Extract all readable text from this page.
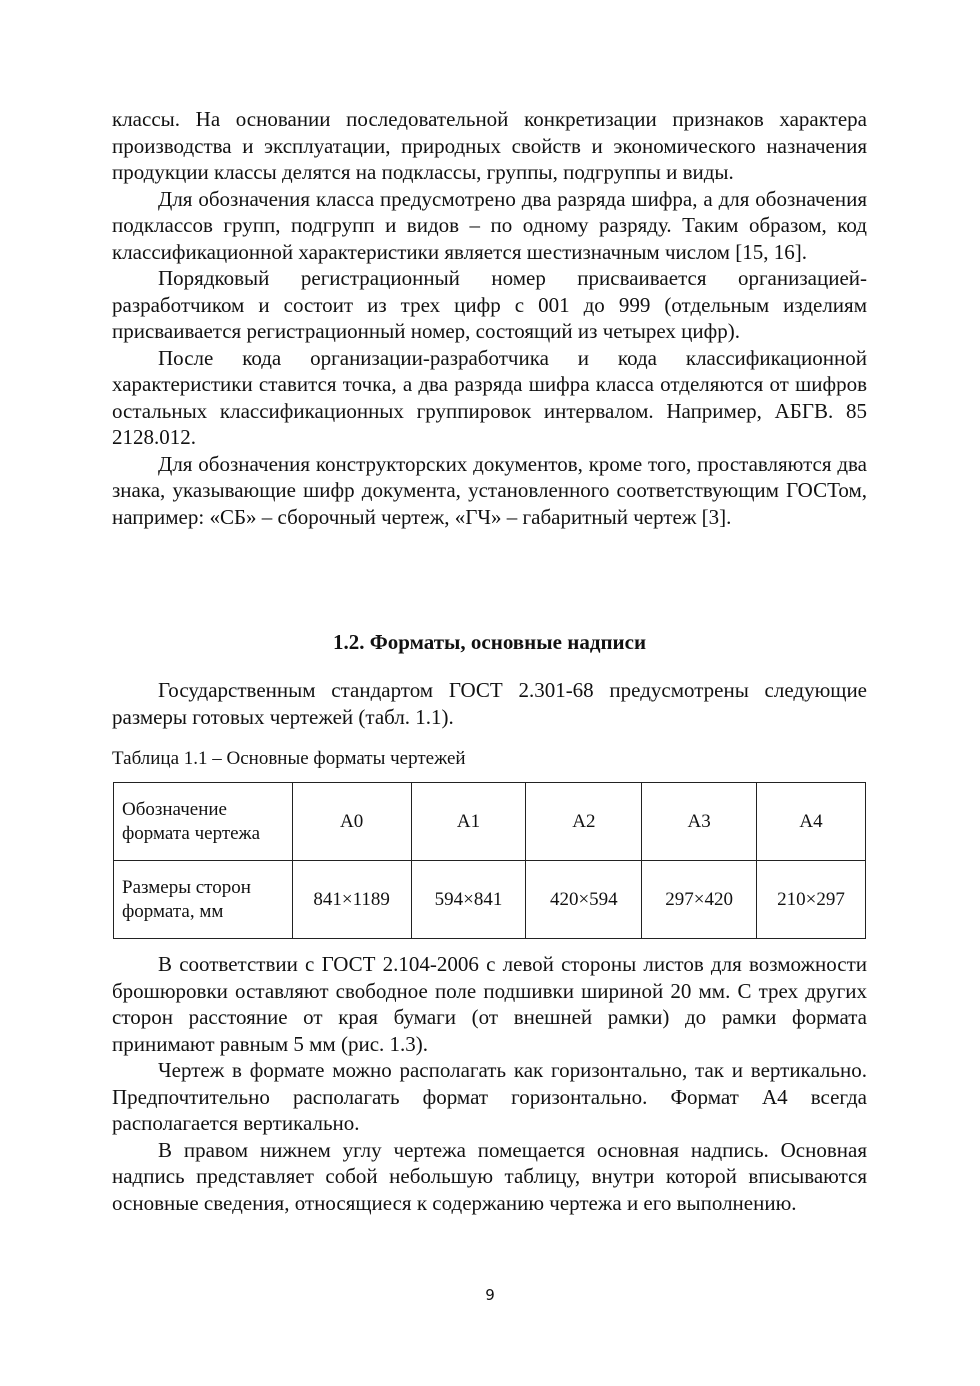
классы. На основании последовательной конкретизации признаков характера производства и эксплуатации, природных свойств и экономического назначения продукции классы делятся на подклассы, группы, подгруппы и виды.

Для обозначения класса предусмотрено два разряда шифра, а для обозначения подклассов групп, подгрупп и видов – по одному разряду. Таким образом, код классификационной характеристики является шестизначным числом [15, 16].

Порядковый регистрационный номер присваивается организацией-разработчиком и состоит из трех цифр с 001 до 999 (отдельным изделиям присваивается регистрационный номер, состоящий из четырех цифр).

После кода организации-разработчика и кода классификационной характеристики ставится точка, а два разряда шифра класса отделяются от шифров остальных классификационных группировок интервалом. Например, АБГВ. 85 2128.012.

Для обозначения конструкторских документов, кроме того, проставляются два знака, указывающие шифр документа, установленного соответствующим ГОСТом, например: «СБ» – сборочный чертеж, «ГЧ» – габаритный чертеж [3].

1.2. Форматы, основные надписи

Государственным стандартом ГОСТ 2.301-68 предусмотрены следующие размеры готовых чертежей (табл. 1.1).

Таблица 1.1 – Основные форматы чертежей
Обозначение формата чертежа	A0	A1	A2	A3	A4
Размеры сторон формата, мм	841×1189	594×841	420×594	297×420	210×297

В соответствии с ГОСТ 2.104-2006 с левой стороны листов для возможности брошюровки оставляют свободное поле подшивки шириной 20 мм. С трех других сторон расстояние от края бумаги (от внешней рамки) до рамки формата принимают равным 5 мм (рис. 1.3).

Чертеж в формате можно располагать как горизонтально, так и вертикально. Предпочтительно располагать формат горизонтально. Формат А4 всегда располагается вертикально.

В правом нижнем углу чертежа помещается основная надпись. Основная надпись представляет собой небольшую таблицу, внутри которой вписываются основные сведения, относящиеся к содержанию чертежа и его выполнению.

9
